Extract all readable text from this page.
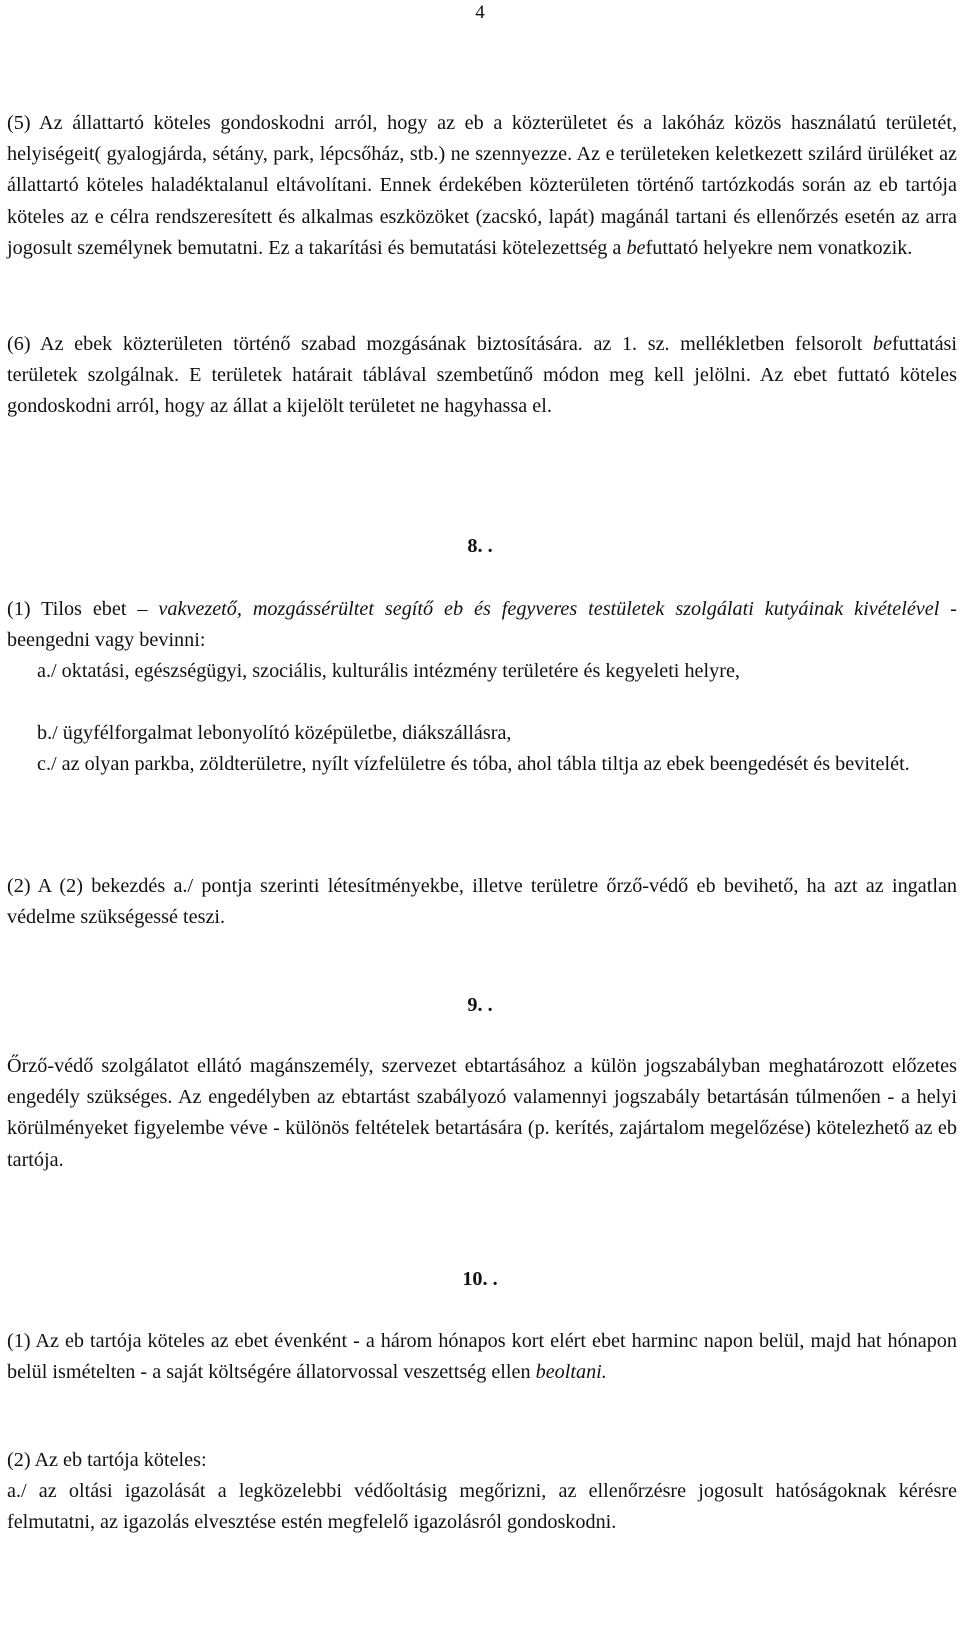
4

(5) Az állattartó köteles gondoskodni arról, hogy az eb a közterületet és a lakóház közös használatú területét, helyiségeit( gyalogjárda, sétány, park, lépcsőház, stb.) ne szennyezze. Az e területeken keletkezett szilárd ürüléket az állattartó köteles haladéktalanul eltávolítani. Ennek érdekében közterületen történő tartózkodás során az eb tartója köteles az e célra rendszeresített és alkalmas eszközöket (zacskó, lapát) magánál tartani és ellenőrzés esetén az arra jogosult személynek bemutatni. Ez a takarítási és bemutatási kötelezettség a befuttató helyekre nem vonatkozik.

(6) Az ebek közterületen történő szabad mozgásának biztosítására. az 1. sz. mellékletben felsorolt befuttatási területek szolgálnak. E területek határait táblával szembetűnő módon meg kell jelölni. Az ebet futtató köteles gondoskodni arról, hogy az állat a kijelölt területet ne hagyhassa el.

8. .

(1) Tilos ebet – vakvezető, mozgássérültet segítő eb és fegyveres testületek szolgálati kutyáinak kivételével - beengedni vagy bevinni:

a./ oktatási, egészségügyi, szociális, kulturális intézmény területére és kegyeleti helyre,

b./ ügyfélforgalmat lebonyolító középületbe, diákszállásra,

c./ az olyan parkba, zöldterületre, nyílt vízfelületre és tóba, ahol tábla tiltja az ebek beengedését és bevitelét.

(2) A (2) bekezdés a./ pontja szerinti létesítményekbe, illetve területre őrző-védő eb bevihető, ha azt az ingatlan védelme szükségessé teszi.

9. .

Őrző-védő szolgálatot ellátó magánszemély, szervezet ebtartásához a külön jogszabályban meghatározott előzetes engedély szükséges. Az engedélyben az ebtartást szabályozó valamennyi jogszabály betartásán túlmenően - a helyi körülményeket figyelembe véve - különös feltételek betartására (p. kerítés, zajártalom megelőzése) kötelezhető az eb tartója.

10. .

(1) Az eb tartója köteles az ebet évenként - a három hónapos kort elért ebet harminc napon belül, majd hat hónapon belül ismételten - a saját költségére állatorvossal veszettség ellen beoltani.

(2) Az eb tartója köteles:

a./ az oltási igazolását a legközelebbi védőoltásig megőrizni, az ellenőrzésre jogosult hatóságoknak kérésre felmutatni, az igazolás elvesztése estén megfelelő igazolásról gondoskodni.
